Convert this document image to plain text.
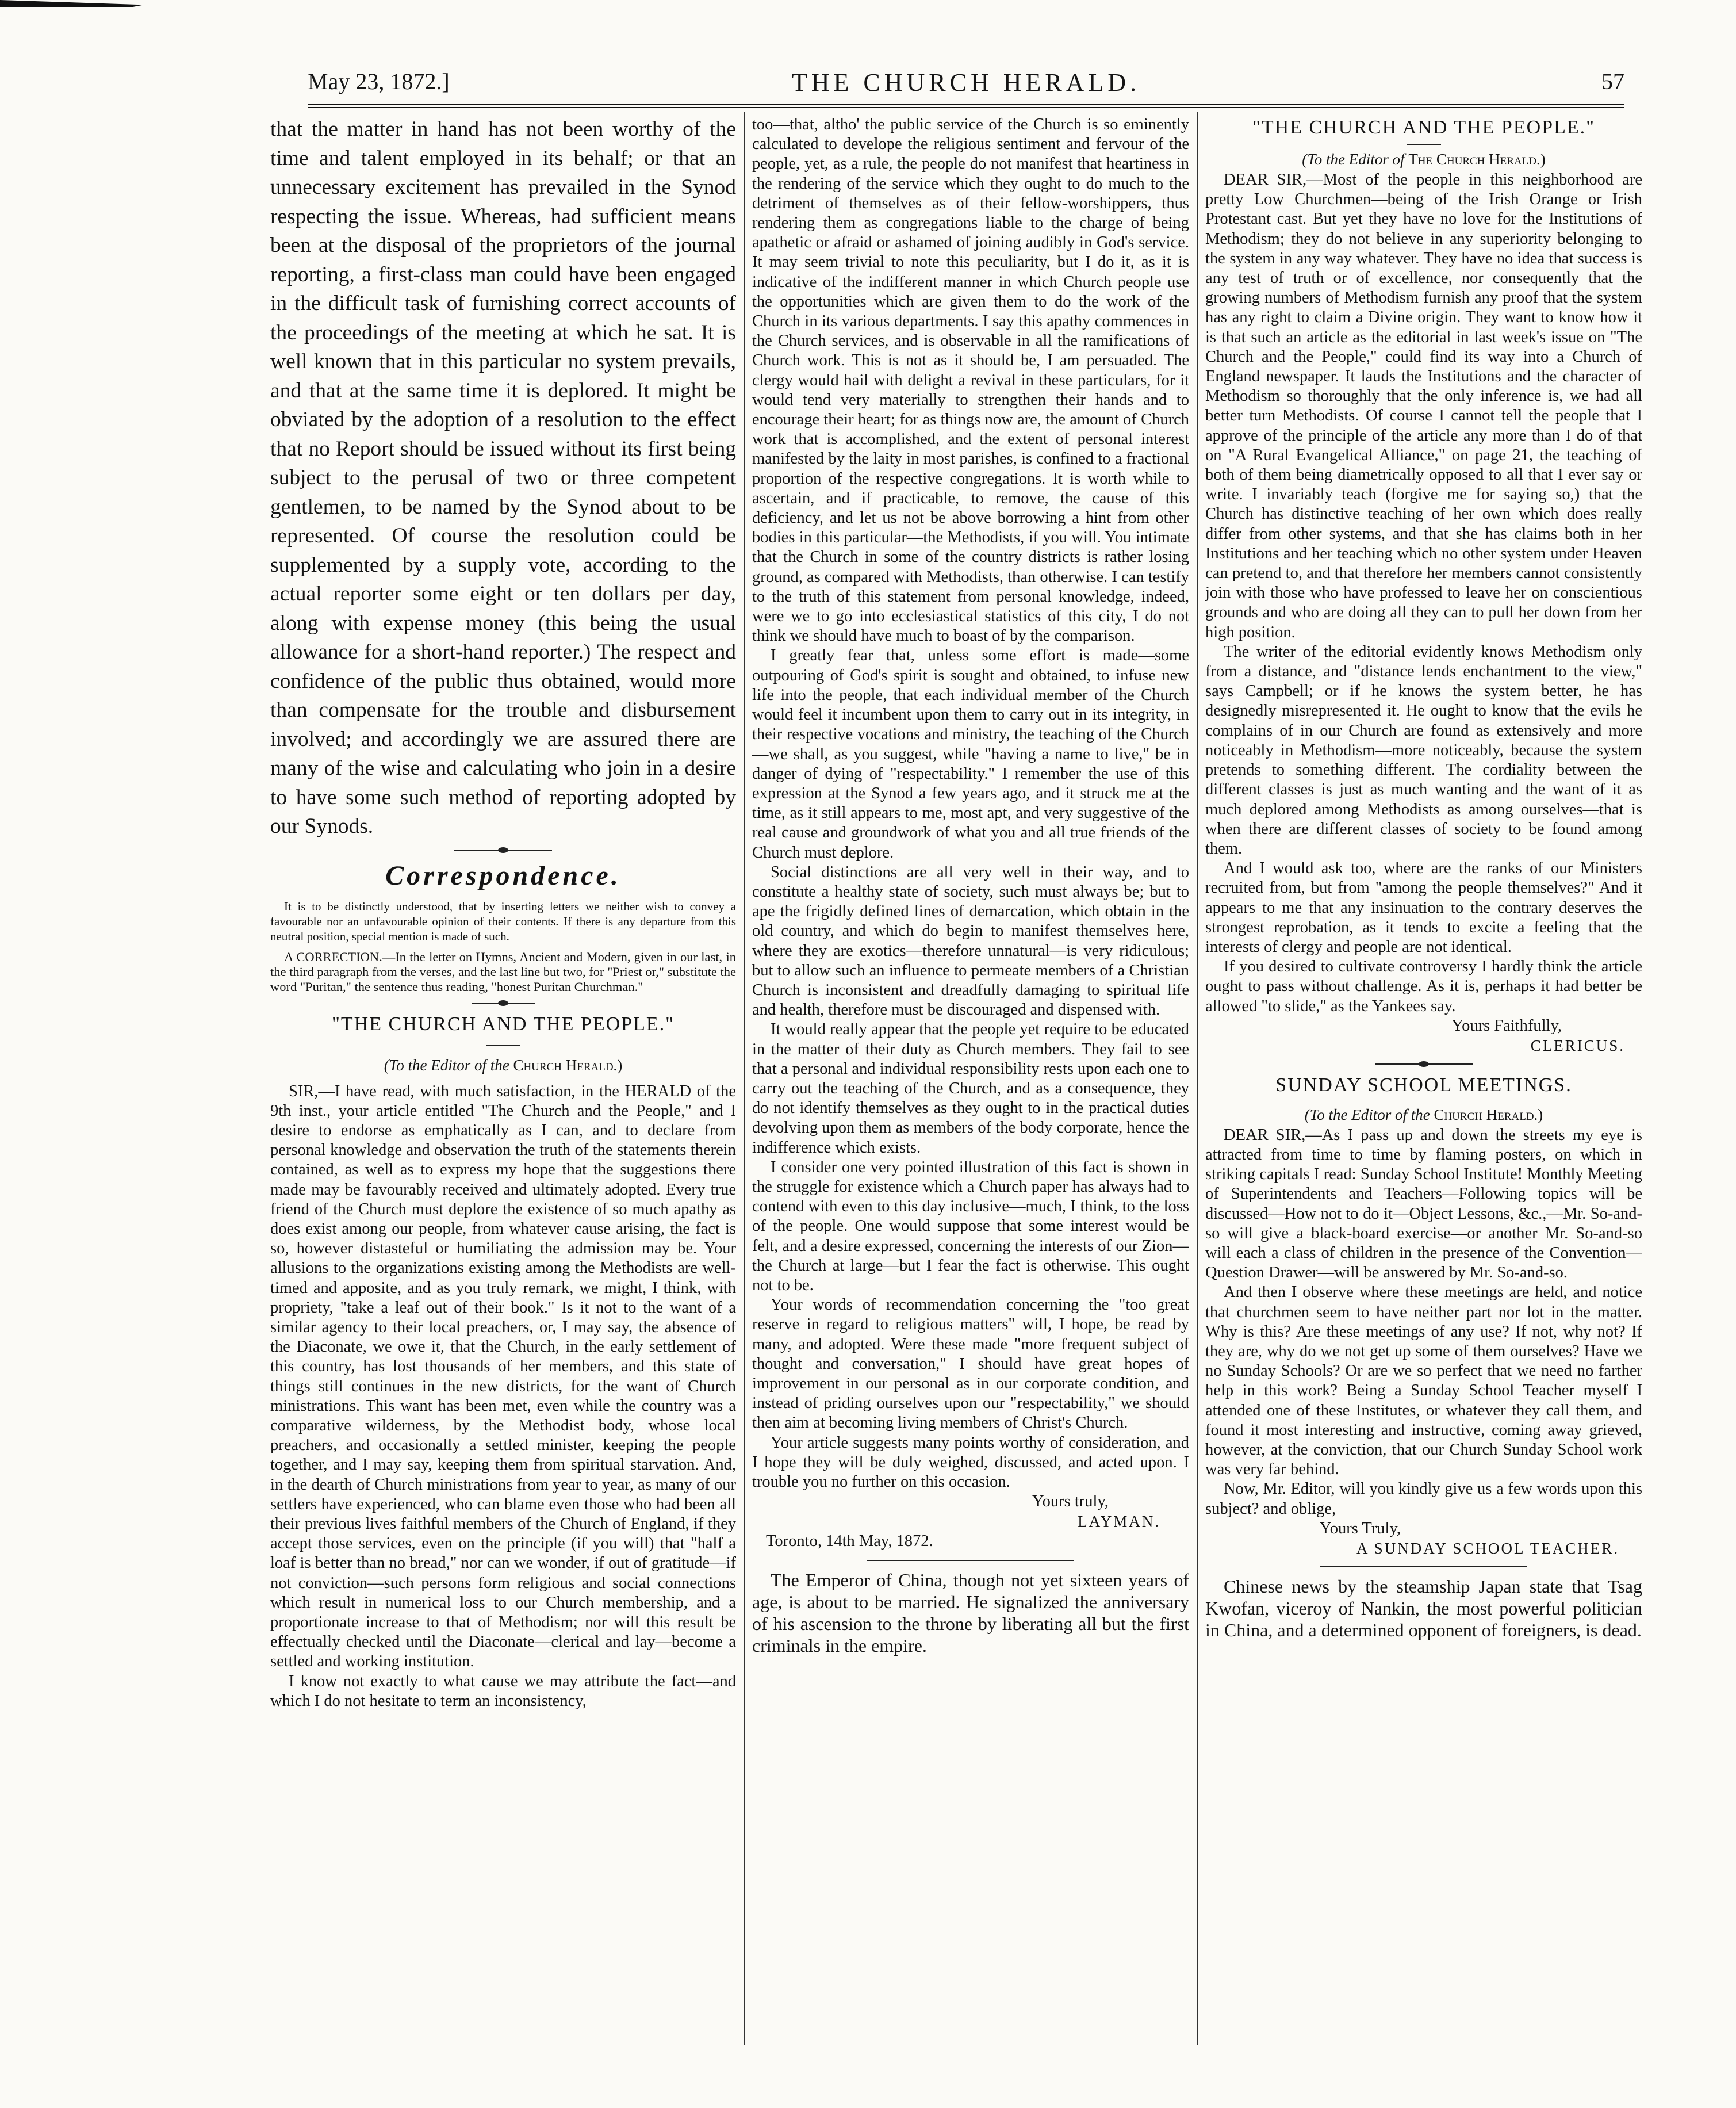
May 23, 1872.]	THE CHURCH HERALD.	57

that the matter in hand has not been worthy of the time and talent employed in its behalf; or that an unnecessary excitement has prevailed in the Synod respecting the issue. Whereas, had sufficient means been at the disposal of the proprietors of the journal reporting, a first-class man could have been engaged in the difficult task of furnishing correct accounts of the proceedings of the meeting at which he sat. It is well known that in this particular no system prevails, and that at the same time it is deplored. It might be obviated by the adoption of a resolution to the effect that no Report should be issued without its first being subject to the perusal of two or three competent gentlemen, to be named by the Synod about to be represented. Of course the resolution could be supplemented by a supply vote, according to the actual reporter some eight or ten dollars per day, along with expense money (this being the usual allowance for a short-hand reporter.) The respect and confidence of the public thus obtained, would more than compensate for the trouble and disbursement involved; and accordingly we are assured there are many of the wise and calculating who join in a desire to have some such method of reporting adopted by our Synods.

Correspondence.

It is to be distinctly understood, that by inserting letters we neither wish to convey a favourable nor an unfavourable opinion of their contents. If there is any departure from this neutral position, special mention is made of such.

A CORRECTION.—In the letter on Hymns, Ancient and Modern, given in our last, in the third paragraph from the verses, and the last line but two, for "Priest or," substitute the word "Puritan," the sentence thus reading, "honest Puritan Churchman."

"THE CHURCH AND THE PEOPLE."

(To the Editor of the Church Herald.)

SIR,—I have read, with much satisfaction, in the HERALD of the 9th inst., your article entitled "The Church and the People," and I desire to endorse as emphatically as I can, and to declare from personal knowledge and observation the truth of the statements therein contained, as well as to express my hope that the suggestions there made may be favourably received and ultimately adopted. Every true friend of the Church must deplore the existence of so much apathy as does exist among our people, from whatever cause arising, the fact is so, however distasteful or humiliating the admission may be. Your allusions to the organizations existing among the Methodists are well-timed and apposite, and as you truly remark, we might, I think, with propriety, "take a leaf out of their book." Is it not to the want of a similar agency to their local preachers, or, I may say, the absence of the Diaconate, we owe it, that the Church, in the early settlement of this country, has lost thousands of her members, and this state of things still continues in the new districts, for the want of Church ministrations. This want has been met, even while the country was a comparative wilderness, by the Methodist body, whose local preachers, and occasionally a settled minister, keeping the people together, and I may say, keeping them from spiritual starvation. And, in the dearth of Church ministrations from year to year, as many of our settlers have experienced, who can blame even those who had been all their previous lives faithful members of the Church of England, if they accept those services, even on the principle (if you will) that "half a loaf is better than no bread," nor can we wonder, if out of gratitude—if not conviction—such persons form religious and social connections which result in numerical loss to our Church membership, and a proportionate increase to that of Methodism; nor will this result be effectually checked until the Diaconate—clerical and lay—become a settled and working institution.

I know not exactly to what cause we may attribute the fact—and which I do not hesitate to term an inconsistency,

too—that, altho' the public service of the Church is so eminently calculated to develope the religious sentiment and fervour of the people, yet, as a rule, the people do not manifest that heartiness in the rendering of the service which they ought to do much to the detriment of themselves as of their fellow-worshippers, thus rendering them as congregations liable to the charge of being apathetic or afraid or ashamed of joining audibly in God's service. It may seem trivial to note this peculiarity, but I do it, as it is indicative of the indifferent manner in which Church people use the opportunities which are given them to do the work of the Church in its various departments. I say this apathy commences in the Church services, and is observable in all the ramifications of Church work. This is not as it should be, I am persuaded. The clergy would hail with delight a revival in these particulars, for it would tend very materially to strengthen their hands and to encourage their heart; for as things now are, the amount of Church work that is accomplished, and the extent of personal interest manifested by the laity in most parishes, is confined to a fractional proportion of the respective congregations. It is worth while to ascertain, and if practicable, to remove, the cause of this deficiency, and let us not be above borrowing a hint from other bodies in this particular—the Methodists, if you will. You intimate that the Church in some of the country districts is rather losing ground, as compared with Methodists, than otherwise. I can testify to the truth of this statement from personal knowledge, indeed, were we to go into ecclesiastical statistics of this city, I do not think we should have much to boast of by the comparison.

I greatly fear that, unless some effort is made—some outpouring of God's spirit is sought and obtained, to infuse new life into the people, that each individual member of the Church would feel it incumbent upon them to carry out in its integrity, in their respective vocations and ministry, the teaching of the Church—we shall, as you suggest, while "having a name to live," be in danger of dying of "respectability." I remember the use of this expression at the Synod a few years ago, and it struck me at the time, as it still appears to me, most apt, and very suggestive of the real cause and groundwork of what you and all true friends of the Church must deplore.

Social distinctions are all very well in their way, and to constitute a healthy state of society, such must always be; but to ape the frigidly defined lines of demarcation, which obtain in the old country, and which do begin to manifest themselves here, where they are exotics—therefore unnatural—is very ridiculous; but to allow such an influence to permeate members of a Christian Church is inconsistent and dreadfully damaging to spiritual life and health, therefore must be discouraged and dispensed with.

It would really appear that the people yet require to be educated in the matter of their duty as Church members. They fail to see that a personal and individual responsibility rests upon each one to carry out the teaching of the Church, and as a consequence, they do not identify themselves as they ought to in the practical duties devolving upon them as members of the body corporate, hence the indifference which exists.

I consider one very pointed illustration of this fact is shown in the struggle for existence which a Church paper has always had to contend with even to this day inclusive—much, I think, to the loss of the people. One would suppose that some interest would be felt, and a desire expressed, concerning the interests of our Zion—the Church at large—but I fear the fact is otherwise. This ought not to be.

Your words of recommendation concerning the "too great reserve in regard to religious matters" will, I hope, be read by many, and adopted. Were these made "more frequent subject of thought and conversation," I should have great hopes of improvement in our personal as in our corporate condition, and instead of priding ourselves upon our "respectability," we should then aim at becoming living members of Christ's Church.

Your article suggests many points worthy of consideration, and I hope they will be duly weighed, discussed, and acted upon. I trouble you no further on this occasion.

Yours truly,

LAYMAN.

Toronto, 14th May, 1872.

The Emperor of China, though not yet sixteen years of age, is about to be married. He signalized the anniversary of his ascension to the throne by liberating all but the first criminals in the empire.

"THE CHURCH AND THE PEOPLE."

(To the Editor of The Church Herald.)

DEAR SIR,—Most of the people in this neighborhood are pretty Low Churchmen—being of the Irish Orange or Irish Protestant cast. But yet they have no love for the Institutions of Methodism; they do not believe in any superiority belonging to the system in any way whatever. They have no idea that success is any test of truth or of excellence, nor consequently that the growing numbers of Methodism furnish any proof that the system has any right to claim a Divine origin. They want to know how it is that such an article as the editorial in last week's issue on "The Church and the People," could find its way into a Church of England newspaper. It lauds the Institutions and the character of Methodism so thoroughly that the only inference is, we had all better turn Methodists. Of course I cannot tell the people that I approve of the principle of the article any more than I do of that on "A Rural Evangelical Alliance," on page 21, the teaching of both of them being diametrically opposed to all that I ever say or write. I invariably teach (forgive me for saying so,) that the Church has distinctive teaching of her own which does really differ from other systems, and that she has claims both in her Institutions and her teaching which no other system under Heaven can pretend to, and that therefore her members cannot consistently join with those who have professed to leave her on conscientious grounds and who are doing all they can to pull her down from her high position.

The writer of the editorial evidently knows Methodism only from a distance, and "distance lends enchantment to the view," says Campbell; or if he knows the system better, he has designedly misrepresented it. He ought to know that the evils he complains of in our Church are found as extensively and more noticeably in Methodism—more noticeably, because the system pretends to something different. The cordiality between the different classes is just as much wanting and the want of it as much deplored among Methodists as among ourselves—that is when there are different classes of society to be found among them.

And I would ask too, where are the ranks of our Ministers recruited from, but from "among the people themselves?" And it appears to me that any insinuation to the contrary deserves the strongest reprobation, as it tends to excite a feeling that the interests of clergy and people are not identical.

If you desired to cultivate controversy I hardly think the article ought to pass without challenge. As it is, perhaps it had better be allowed "to slide," as the Yankees say.

Yours Faithfully,

CLERICUS.

SUNDAY SCHOOL MEETINGS.

(To the Editor of the Church Herald.)

DEAR SIR,—As I pass up and down the streets my eye is attracted from time to time by flaming posters, on which in striking capitals I read: Sunday School Institute! Monthly Meeting of Superintendents and Teachers—Following topics will be discussed—How not to do it—Object Lessons, &c.,—Mr. So-and-so will give a black-board exercise—or another Mr. So-and-so will each a class of children in the presence of the Convention—Question Drawer—will be answered by Mr. So-and-so.

And then I observe where these meetings are held, and notice that churchmen seem to have neither part nor lot in the matter. Why is this? Are these meetings of any use? If not, why not? If they are, why do we not get up some of them ourselves? Have we no Sunday Schools? Or are we so perfect that we need no farther help in this work? Being a Sunday School Teacher myself I attended one of these Institutes, or whatever they call them, and found it most interesting and instructive, coming away grieved, however, at the conviction, that our Church Sunday School work was very far behind.

Now, Mr. Editor, will you kindly give us a few words upon this subject? and oblige,

Yours Truly,

A SUNDAY SCHOOL TEACHER.

Chinese news by the steamship Japan state that Tsag Kwofan, viceroy of Nankin, the most powerful politician in China, and a determined opponent of foreigners, is dead.
